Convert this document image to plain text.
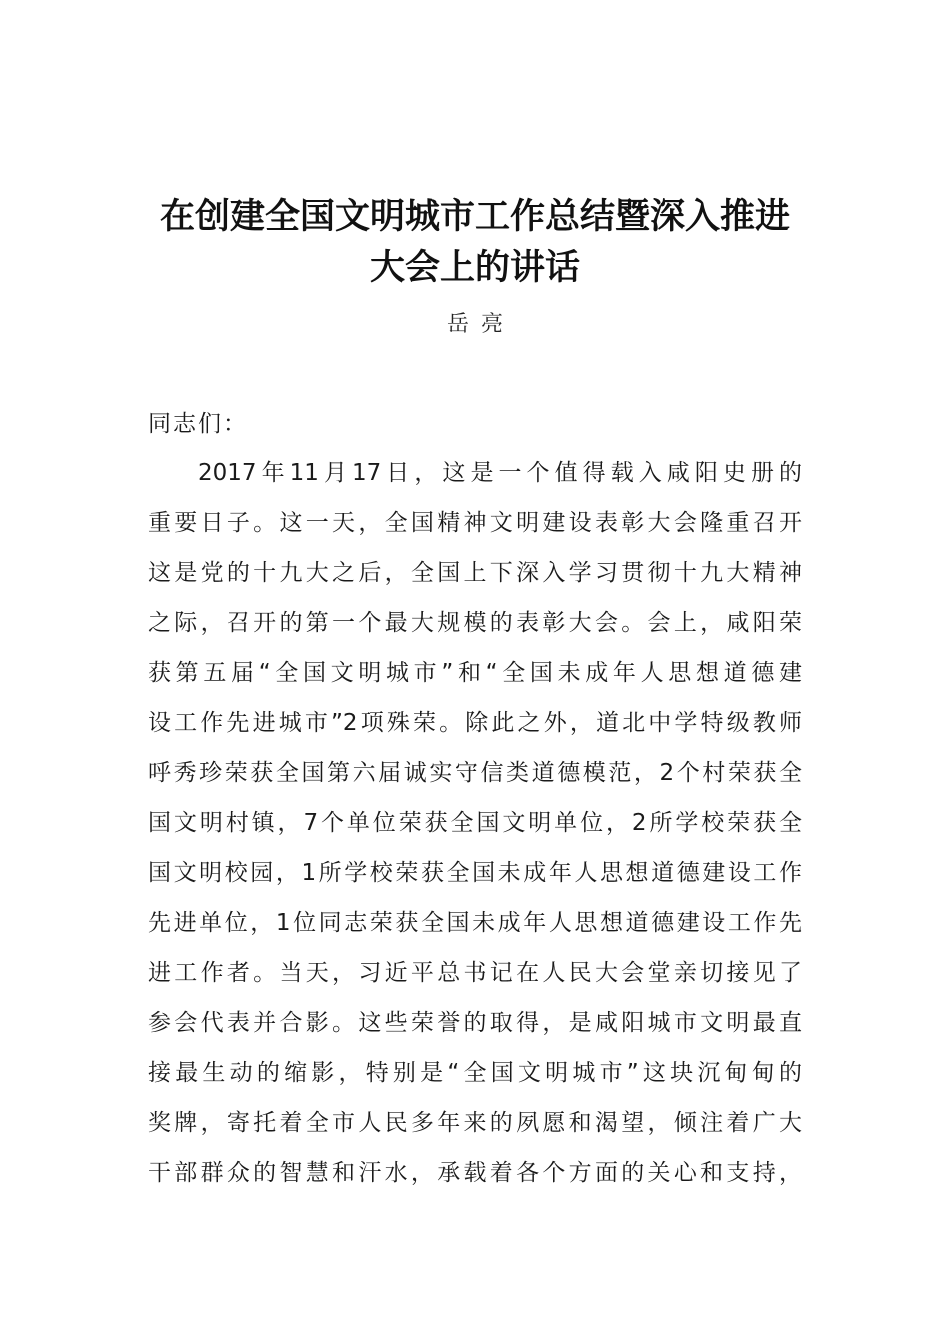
在创建全国文明城市工作总结暨深入推进
大会上的讲话
岳亮
同志们：
2017年11月17日，这是一个值得载入咸阳史册的
重要日子。这一天，全国精神文明建设表彰大会隆重召开
这是党的十九大之后，全国上下深入学习贯彻十九大精神
之际，召开的第一个最大规模的表彰大会。会上，咸阳荣
获第五届“全国文明城市”和“全国未成年人思想道德建
设工作先进城市”2项殊荣。除此之外，道北中学特级教师
呼秀珍荣获全国第六届诚实守信类道德模范，2个村荣获全
国文明村镇，7个单位荣获全国文明单位，2所学校荣获全
国文明校园，1所学校荣获全国未成年人思想道德建设工作
先进单位，1位同志荣获全国未成年人思想道德建设工作先
进工作者。当天，习近平总书记在人民大会堂亲切接见了
参会代表并合影。这些荣誉的取得，是咸阳城市文明最直
接最生动的缩影，特别是“全国文明城市”这块沉甸甸的
奖牌，寄托着全市人民多年来的夙愿和渴望，倾注着广大
干部群众的智慧和汗水，承载着各个方面的关心和支持，
